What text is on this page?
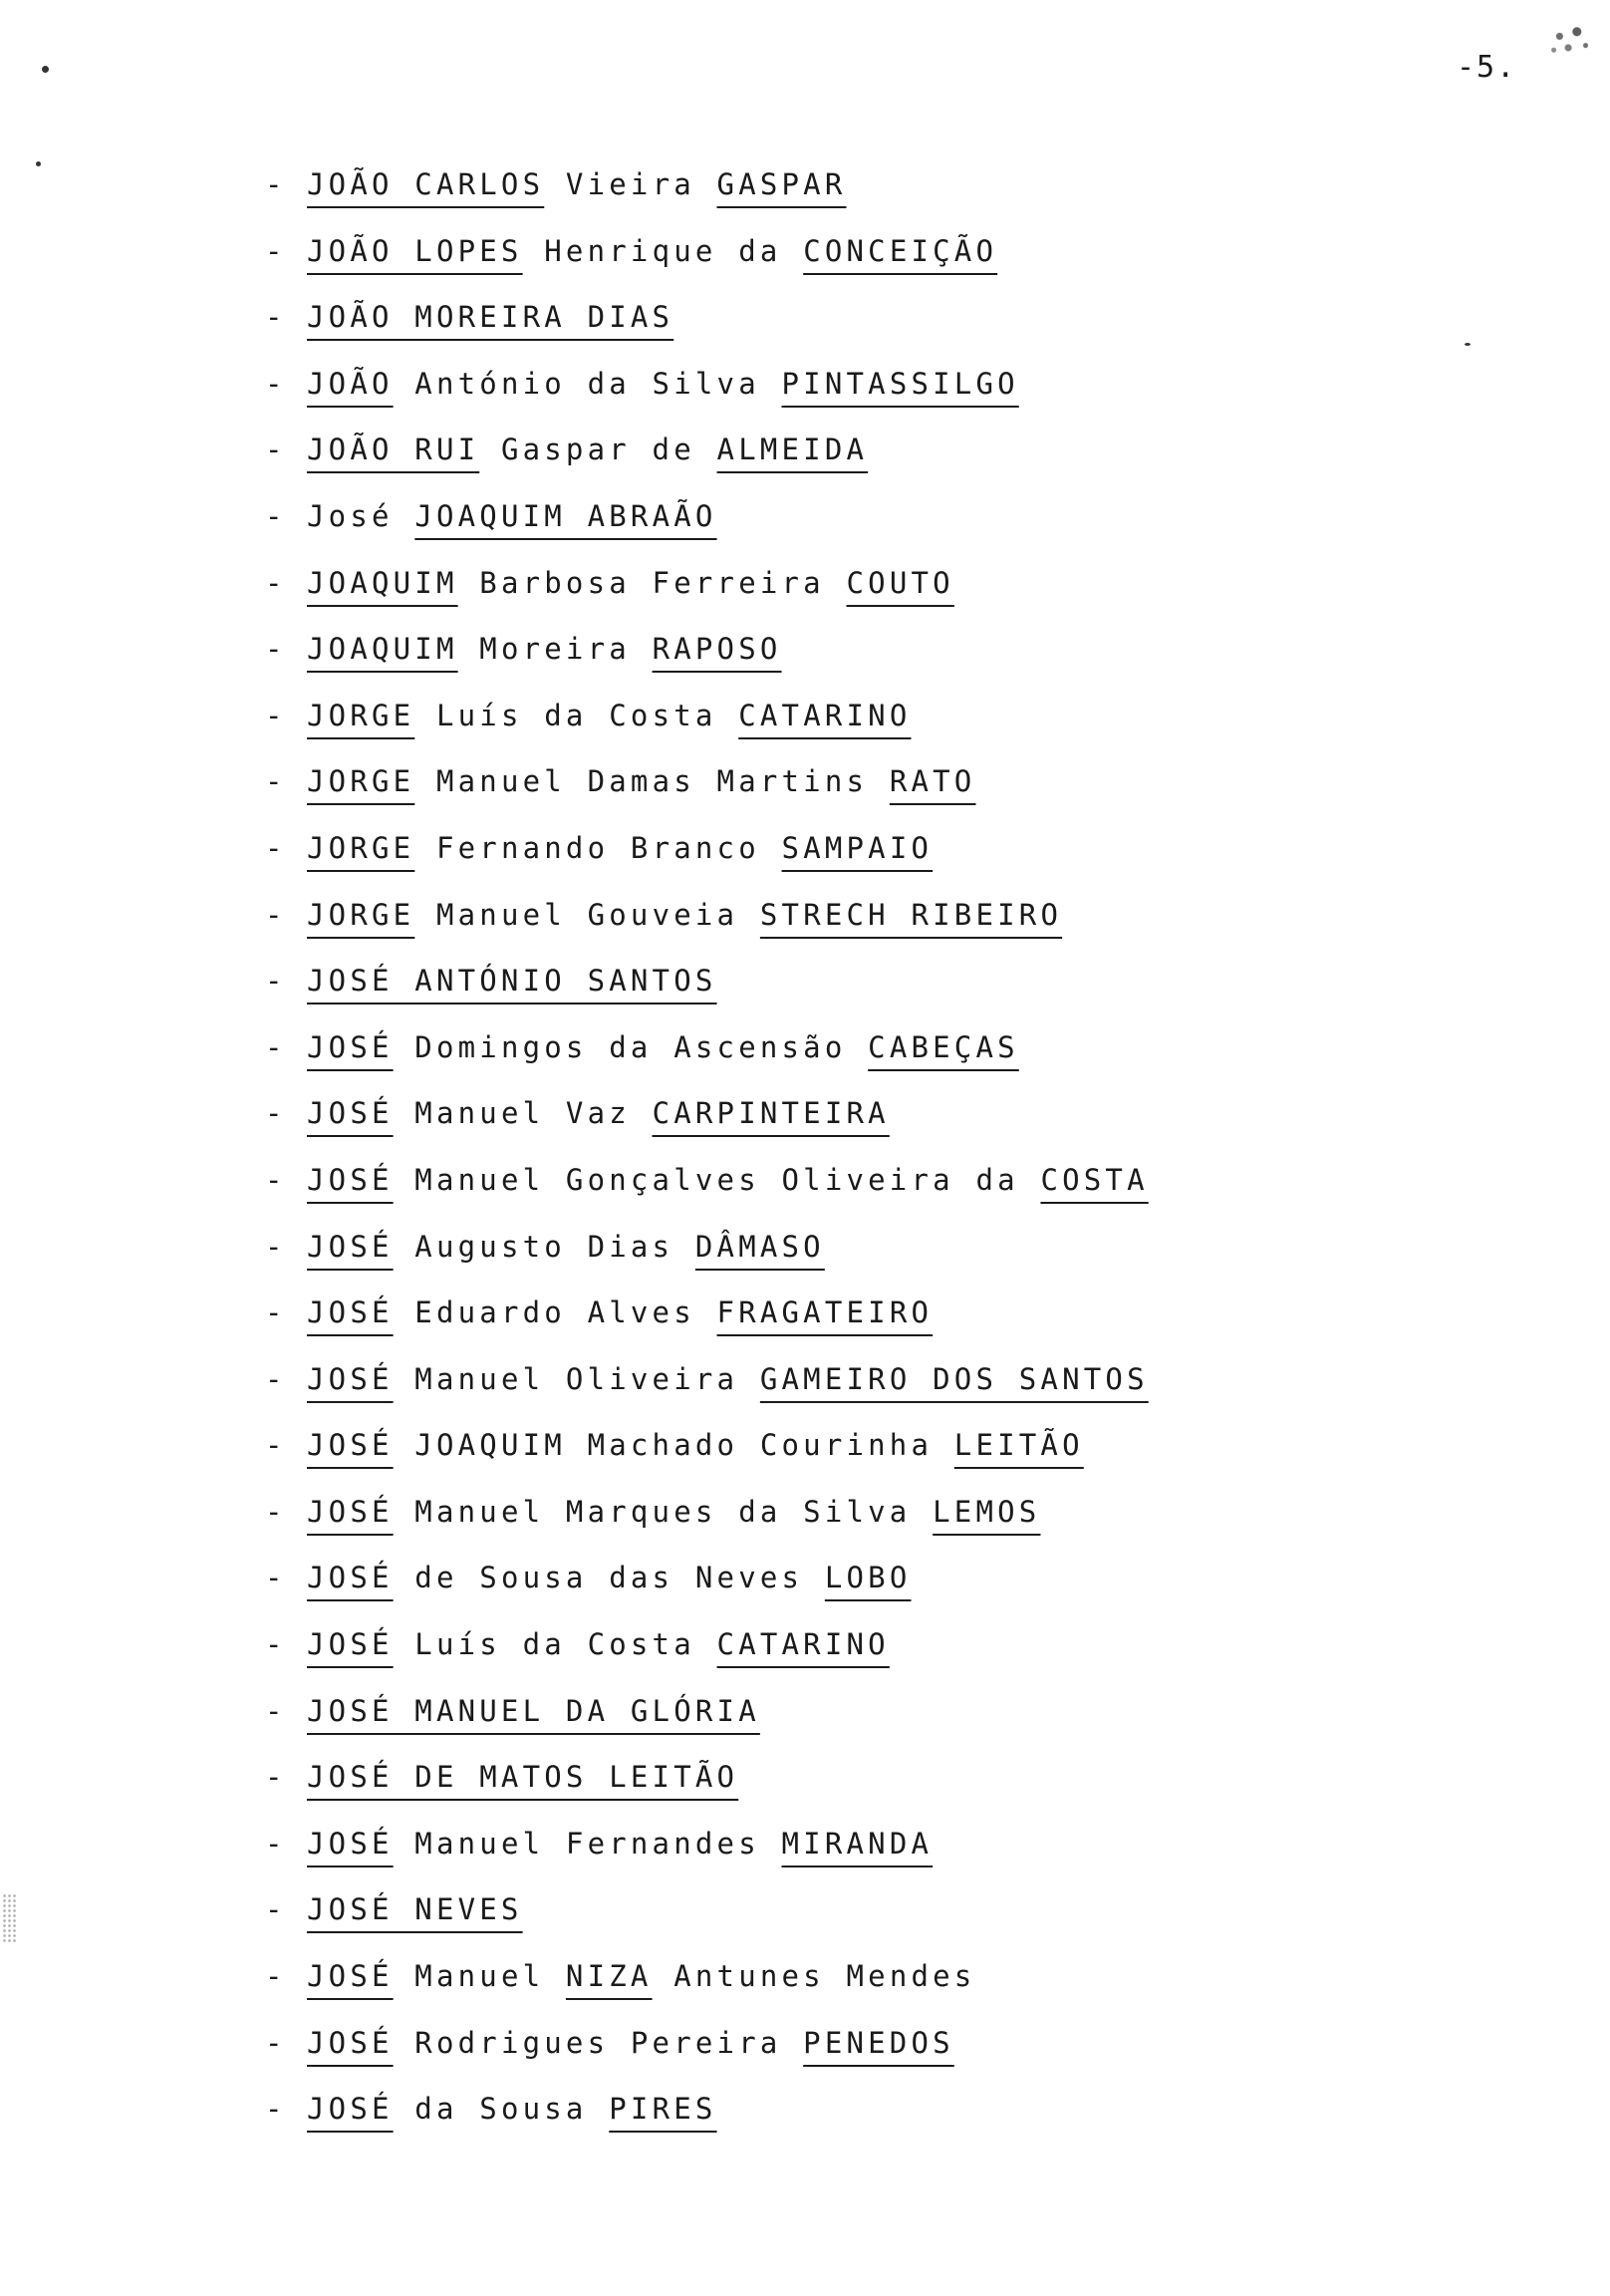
-5.
- JOÃO CARLOS Vieira GASPAR
- JOÃO LOPES Henrique da CONCEIÇÃO
- JOÃO MOREIRA DIAS
- JOÃO António da Silva PINTASSILGO
- JOÃO RUI Gaspar de ALMEIDA
- José JOAQUIM ABRAÃO
- JOAQUIM Barbosa Ferreira COUTO
- JOAQUIM Moreira RAPOSO
- JORGE Luís da Costa CATARINO
- JORGE Manuel Damas Martins RATO
- JORGE Fernando Branco SAMPAIO
- JORGE Manuel Gouveia STRECH RIBEIRO
- JOSÉ ANTÓNIO SANTOS
- JOSÉ Domingos da Ascensão CABEÇAS
- JOSÉ Manuel Vaz CARPINTEIRA
- JOSÉ Manuel Gonçalves Oliveira da COSTA
- JOSÉ Augusto Dias DÂMASO
- JOSÉ Eduardo Alves FRAGATEIRO
- JOSÉ Manuel Oliveira GAMEIRO DOS SANTOS
- JOSÉ JOAQUIM Machado Courinha LEITÃO
- JOSÉ Manuel Marques da Silva LEMOS
- JOSÉ de Sousa das Neves LOBO
- JOSÉ Luís da Costa CATARINO
- JOSÉ MANUEL DA GLÓRIA
- JOSÉ DE MATOS LEITÃO
- JOSÉ Manuel Fernandes MIRANDA
- JOSÉ NEVES
- JOSÉ Manuel NIZA Antunes Mendes
- JOSÉ Rodrigues Pereira PENEDOS
- JOSÉ da Sousa PIRES
